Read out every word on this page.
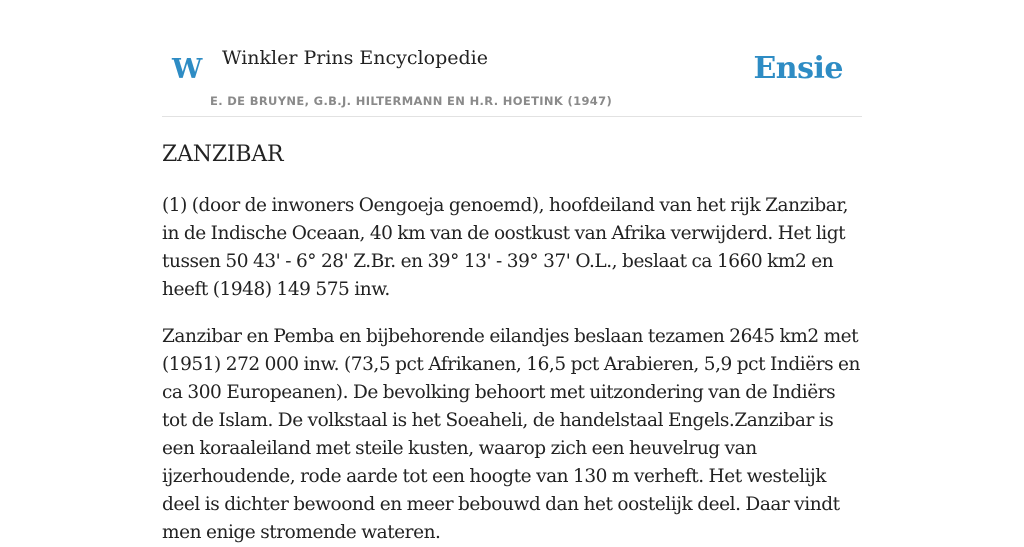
W Winkler Prins Encyclopedie
E. DE BRUYNE, G.B.J. HILTERMANN EN H.R. HOETINK (1947)
Ensie
ZANZIBAR

(1) (door de inwoners Oengoeja genoemd), hoofdeiland van het rijk Zanzibar, in de Indische Oceaan, 40 km van de oostkust van Afrika verwijderd. Het ligt tussen 50 43' - 6° 28' Z.Br. en 39° 13' - 39° 37' O.L., beslaat ca 1660 km2 en heeft (1948) 149 575 inw.

Zanzibar en Pemba en bijbehorende eilandjes beslaan tezamen 2645 km2 met (1951) 272 000 inw. (73,5 pct Afrikanen, 16,5 pct Arabieren, 5,9 pct Indiërs en ca 300 Europeanen). De bevolking behoort met uitzondering van de Indiërs tot de Islam. De volkstaal is het Soeaheli, de handelstaal Engels.Zanzibar is een koraaleiland met steile kusten, waarop zich een heuvelrug van ijzerhoudende, rode aarde tot een hoogte van 130 m verheft. Het westelijk deel is dichter bewoond en meer bebouwd dan het oostelijk deel. Daar vindt men enige stromende wateren.
